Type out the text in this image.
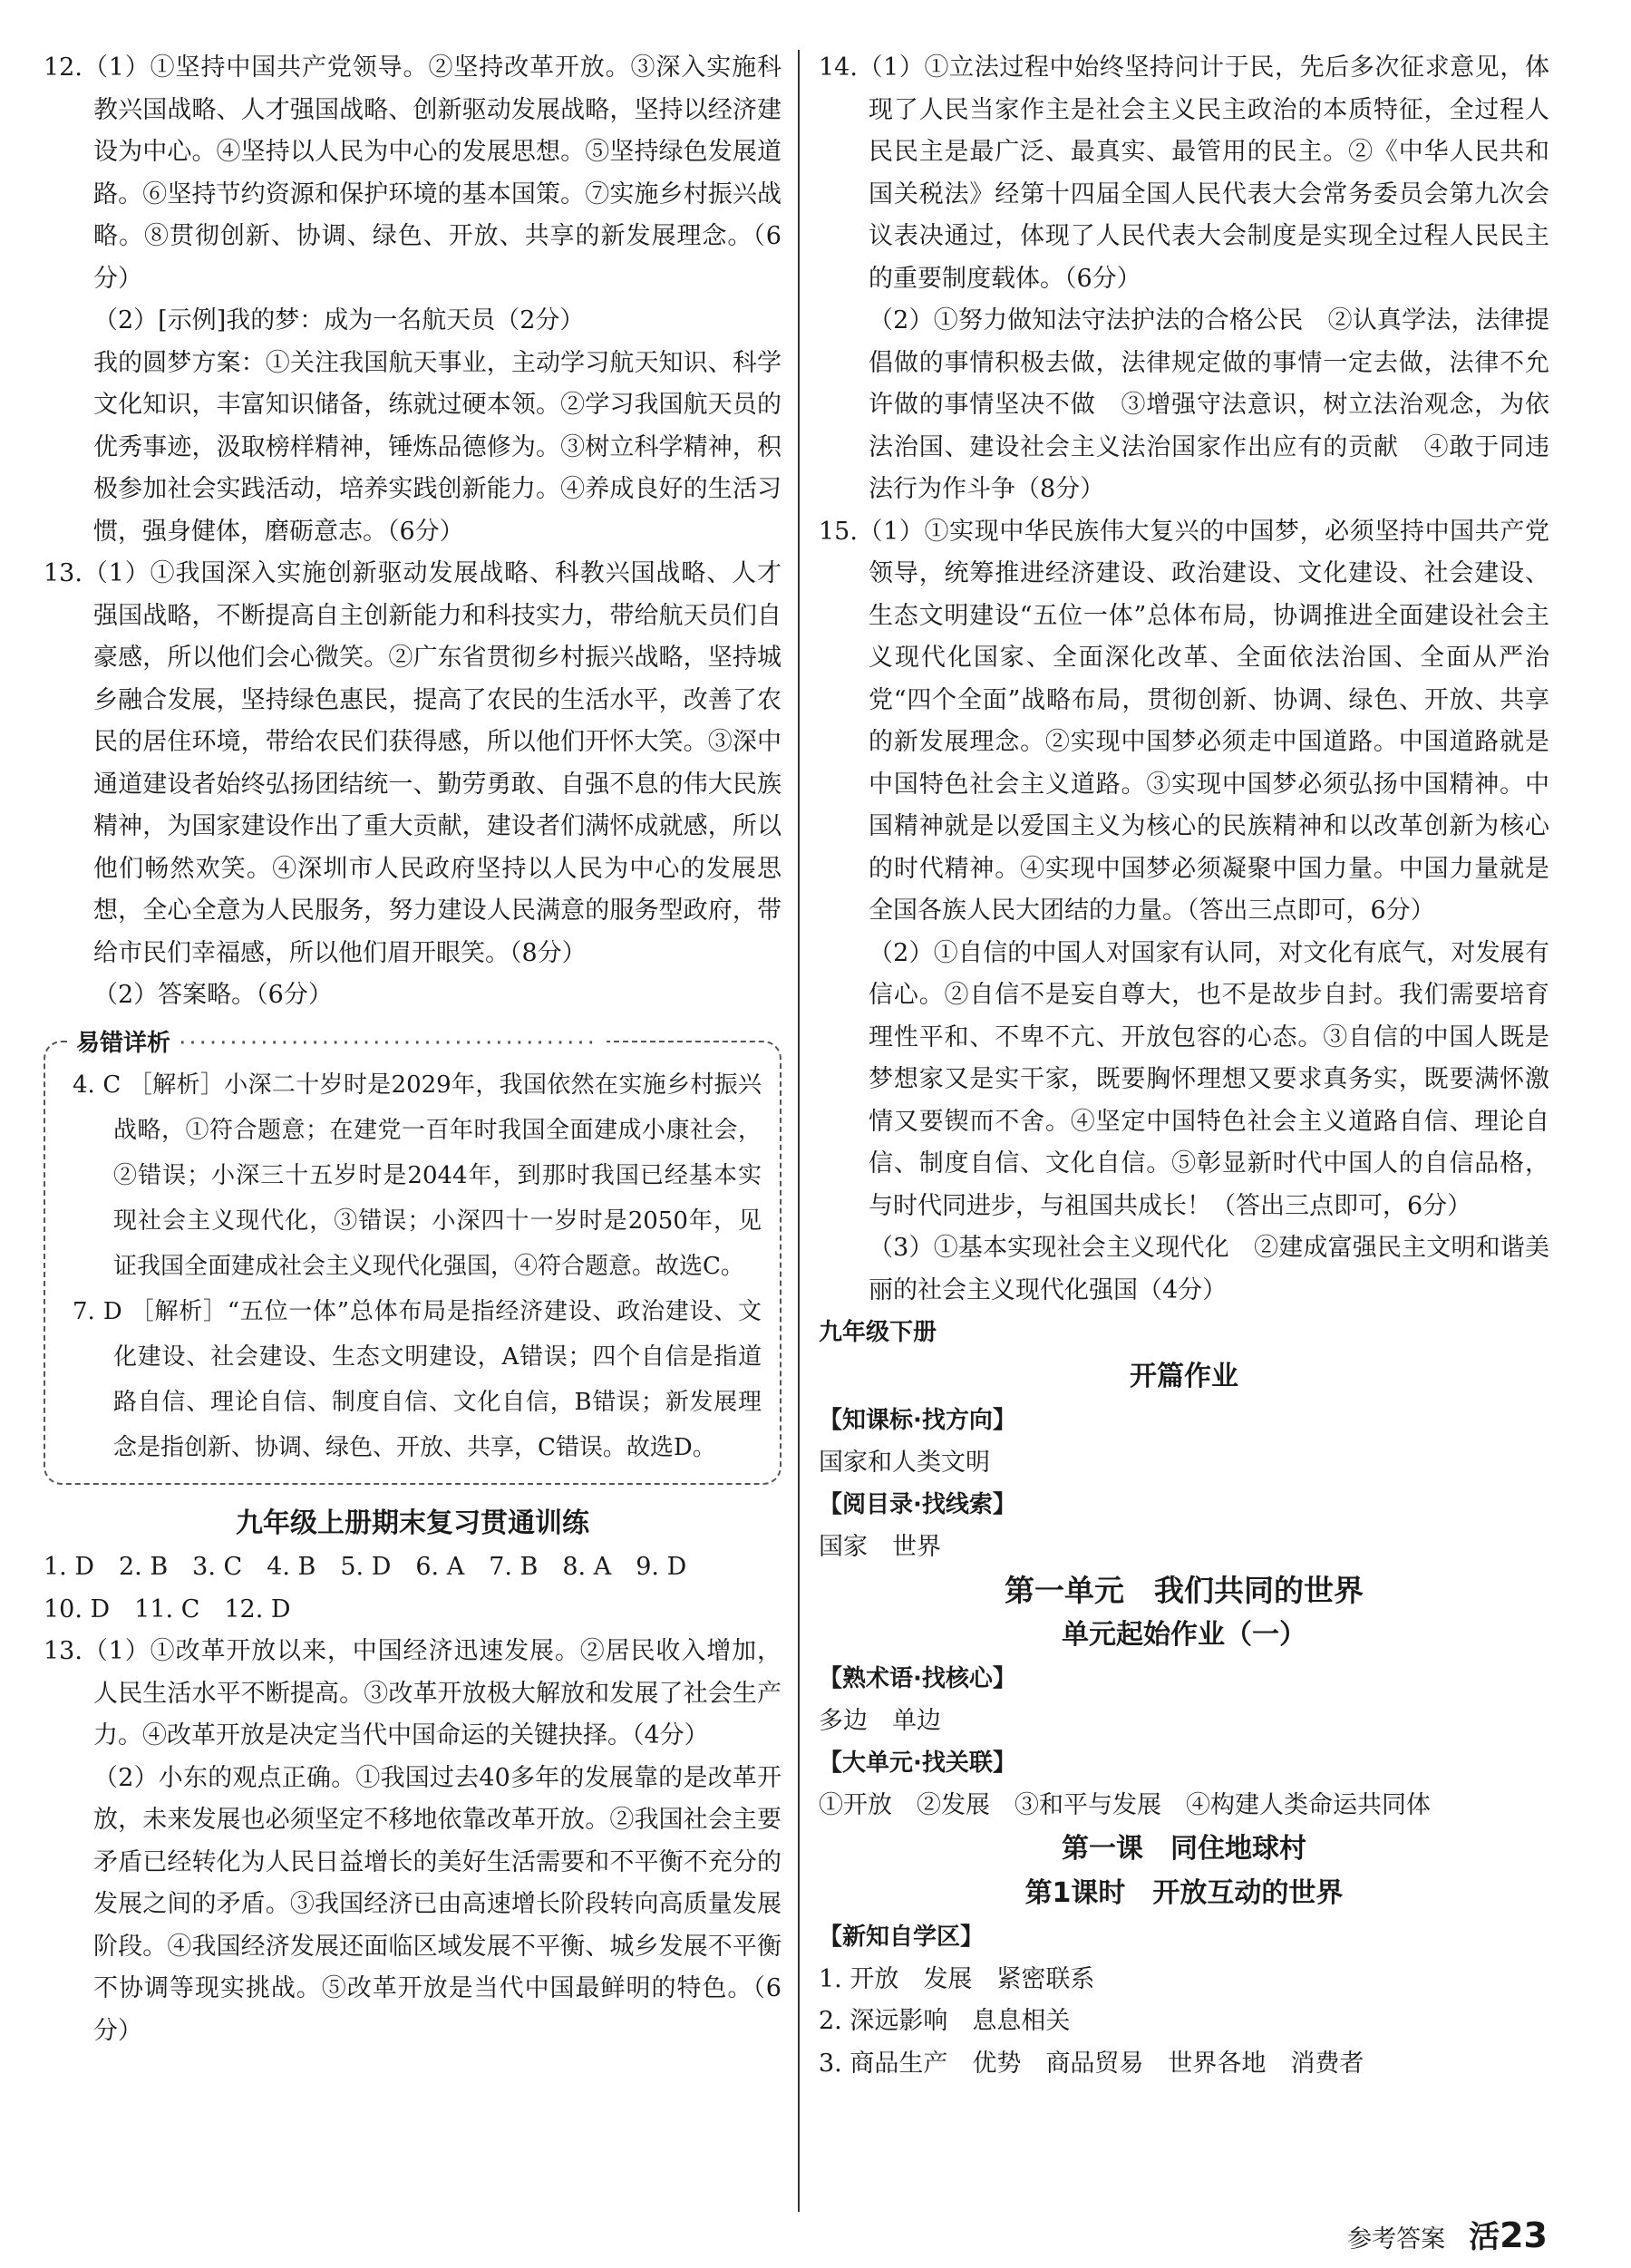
12.（1）①坚持中国共产党领导。②坚持改革开放。③深入实施科教兴国战略、人才强国战略、创新驱动发展战略，坚持以经济建设为中心。④坚持以人民为中心的发展思想。⑤坚持绿色发展道路。⑥坚持节约资源和保护环境的基本国策。⑦实施乡村振兴战略。⑧贯彻创新、协调、绿色、开放、共享的新发展理念。（6分）

（2）[示例]我的梦：成为一名航天员（2分）

我的圆梦方案：①关注我国航天事业，主动学习航天知识、科学文化知识，丰富知识储备，练就过硬本领。②学习我国航天员的优秀事迹，汲取榜样精神，锤炼品德修为。③树立科学精神，积极参加社会实践活动，培养实践创新能力。④养成良好的生活习惯，强身健体，磨砺意志。（6分）

13.（1）①我国深入实施创新驱动发展战略、科教兴国战略、人才强国战略，不断提高自主创新能力和科技实力，带给航天员们自豪感，所以他们会心微笑。②广东省贯彻乡村振兴战略，坚持城乡融合发展，坚持绿色惠民，提高了农民的生活水平，改善了农民的居住环境，带给农民们获得感，所以他们开怀大笑。③深中通道建设者始终弘扬团结统一、勤劳勇敢、自强不息的伟大民族精神，为国家建设作出了重大贡献，建设者们满怀成就感，所以他们畅然欢笑。④深圳市人民政府坚持以人民为中心的发展思想，全心全意为人民服务，努力建设人民满意的服务型政府，带给市民们幸福感，所以他们眉开眼笑。（8分）

（2）答案略。（6分）

易错详析 ·········································

4. C ［解析］小深二十岁时是2029年，我国依然在实施乡村振兴战略，①符合题意；在建党一百年时我国全面建成小康社会，②错误；小深三十五岁时是2044年，到那时我国已经基本实现社会主义现代化，③错误；小深四十一岁时是2050年，见证我国全面建成社会主义现代化强国，④符合题意。故选C。

7. D ［解析］“五位一体”总体布局是指经济建设、政治建设、文化建设、社会建设、生态文明建设，A错误；四个自信是指道路自信、理论自信、制度自信、文化自信，B错误；新发展理念是指创新、协调、绿色、开放、共享，C错误。故选D。

九年级上册期末复习贯通训练

1. D　2. B　3. C　4. B　5. D　6. A　7. B　8. A　9. D

10. D　11. C　12. D

13.（1）①改革开放以来，中国经济迅速发展。②居民收入增加，人民生活水平不断提高。③改革开放极大解放和发展了社会生产力。④改革开放是决定当代中国命运的关键抉择。（4分）

（2）小东的观点正确。①我国过去40多年的发展靠的是改革开放，未来发展也必须坚定不移地依靠改革开放。②我国社会主要矛盾已经转化为人民日益增长的美好生活需要和不平衡不充分的发展之间的矛盾。③我国经济已由高速增长阶段转向高质量发展阶段。④我国经济发展还面临区域发展不平衡、城乡发展不平衡不协调等现实挑战。⑤改革开放是当代中国最鲜明的特色。（6分）

14.（1）①立法过程中始终坚持问计于民，先后多次征求意见，体现了人民当家作主是社会主义民主政治的本质特征，全过程人民民主是最广泛、最真实、最管用的民主。②《中华人民共和国关税法》经第十四届全国人民代表大会常务委员会第九次会议表决通过，体现了人民代表大会制度是实现全过程人民民主的重要制度载体。（6分）

（2）①努力做知法守法护法的合格公民　②认真学法，法律提倡做的事情积极去做，法律规定做的事情一定去做，法律不允许做的事情坚决不做　③增强守法意识，树立法治观念，为依法治国、建设社会主义法治国家作出应有的贡献　④敢于同违法行为作斗争（8分）

15.（1）①实现中华民族伟大复兴的中国梦，必须坚持中国共产党领导，统筹推进经济建设、政治建设、文化建设、社会建设、生态文明建设“五位一体”总体布局，协调推进全面建设社会主义现代化国家、全面深化改革、全面依法治国、全面从严治党“四个全面”战略布局，贯彻创新、协调、绿色、开放、共享的新发展理念。②实现中国梦必须走中国道路。中国道路就是中国特色社会主义道路。③实现中国梦必须弘扬中国精神。中国精神就是以爱国主义为核心的民族精神和以改革创新为核心的时代精神。④实现中国梦必须凝聚中国力量。中国力量就是全国各族人民大团结的力量。（答出三点即可，6分）

（2）①自信的中国人对国家有认同，对文化有底气，对发展有信心。②自信不是妄自尊大，也不是故步自封。我们需要培育理性平和、不卑不亢、开放包容的心态。③自信的中国人既是梦想家又是实干家，既要胸怀理想又要求真务实，既要满怀激情又要锲而不舍。④坚定中国特色社会主义道路自信、理论自信、制度自信、文化自信。⑤彰显新时代中国人的自信品格，与时代同进步，与祖国共成长！（答出三点即可，6分）

（3）①基本实现社会主义现代化　②建成富强民主文明和谐美丽的社会主义现代化强国（4分）

九年级下册

开篇作业

【知课标·找方向】

国家和人类文明

【阅目录·找线索】

国家　世界

第一单元　我们共同的世界
单元起始作业（一）

【熟术语·找核心】

多边　单边

【大单元·找关联】

①开放　②发展　③和平与发展　④构建人类命运共同体

第一课　同住地球村
第1课时　开放互动的世界

【新知自学区】

1. 开放　发展　紧密联系

2. 深远影响　息息相关

3. 商品生产　优势　商品贸易　世界各地　消费者

参考答案 活23
